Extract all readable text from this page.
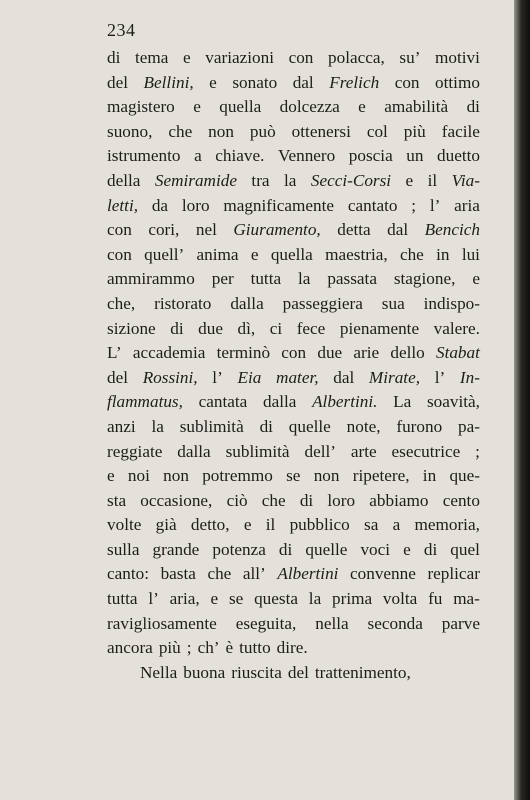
234
di tema e variazioni con polacca, su’ motivi
del Bellini, e sonato dal Frelich con ottimo
magistero e quella dolcezza e amabilità di
suono, che non può ottenersi col più facile
istrumento a chiave. Vennero poscia un duetto
della Semiramide tra la Secci-Corsi e il Via-
letti, da loro magnificamente cantato ; l’ aria
con cori, nel Giuramento, detta dal Bencich
con quell’ anima e quella maestria, che in lui
ammirammo per tutta la passata stagione, e
che, ristorato dalla passeggiera sua indispo-
sizione di due dì, ci fece pienamente valere.
L’ accademia terminò con due arie dello Stabat
del Rossini, l’ Eia mater, dal Mirate, l’ In-
flammatus, cantata dalla Albertini. La soavità,
anzi la sublimità di quelle note, furono pa-
reggiate dalla sublimità dell’ arte esecutrice ;
e noi non potremmo se non ripetere, in que-
sta occasione, ciò che di loro abbiamo cento
volte già detto, e il pubblico sa a memoria,
sulla grande potenza di quelle voci e di quel
canto: basta che all’ Albertini convenne replicar
tutta l’ aria, e se questa la prima volta fu ma-
ravigliosamente eseguita, nella seconda parve
ancora più ; ch’ è tutto dire.
Nella buona riuscita del trattenimento,
